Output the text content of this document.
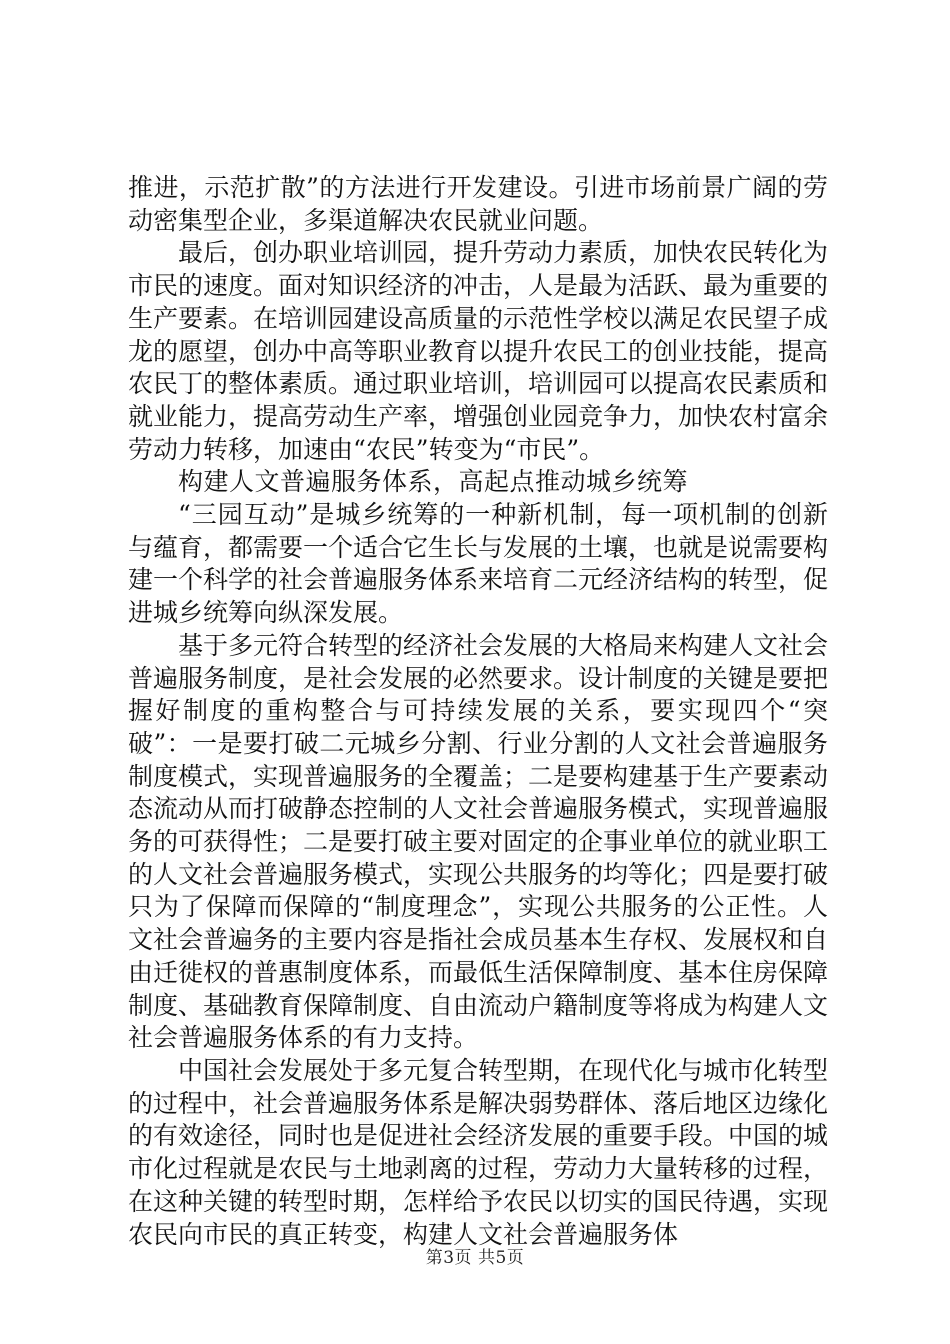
推进，示范扩散”的方法进行开发建设。引进市场前景广阔的劳动密集型企业，多渠道解决农民就业问题。

最后，创办职业培训园，提升劳动力素质，加快农民转化为市民的速度。面对知识经济的冲击，人是最为活跃、最为重要的生产要素。在培训园建设高质量的示范性学校以满足农民望子成龙的愿望，创办中高等职业教育以提升农民工的创业技能，提高农民丁的整体素质。通过职业培训，培训园可以提高农民素质和就业能力，提高劳动生产率，增强创业园竞争力，加快农村富余劳动力转移，加速由“农民”转变为“市民”。

构建人文普遍服务体系，高起点推动城乡统筹

“三园互动”是城乡统筹的一种新机制，每一项机制的创新与蕴育，都需要一个适合它生长与发展的土壤，也就是说需要构建一个科学的社会普遍服务体系来培育二元经济结构的转型，促进城乡统筹向纵深发展。

基于多元符合转型的经济社会发展的大格局来构建人文社会普遍服务制度，是社会发展的必然要求。设计制度的关键是要把握好制度的重构整合与可持续发展的关系，要实现四个“突破”：一是要打破二元城乡分割、行业分割的人文社会普遍服务制度模式，实现普遍服务的全覆盖；二是要构建基于生产要素动态流动从而打破静态控制的人文社会普遍服务模式，实现普遍服务的可获得性；二是要打破主要对固定的企事业单位的就业职工的人文社会普遍服务模式，实现公共服务的均等化；四是要打破只为了保障而保障的“制度理念”，实现公共服务的公正性。人文社会普遍务的主要内容是指社会成员基本生存权、发展权和自由迁徙权的普惠制度体系，而最低生活保障制度、基本住房保障制度、基础教育保障制度、自由流动户籍制度等将成为构建人文社会普遍服务体系的有力支持。

中国社会发展处于多元复合转型期，在现代化与城市化转型的过程中，社会普遍服务体系是解决弱势群体、落后地区边缘化的有效途径，同时也是促进社会经济发展的重要手段。中国的城市化过程就是农民与土地剥离的过程，劳动力大量转移的过程，在这种关键的转型时期，怎样给予农民以切实的国民待遇，实现农民向市民的真正转变，构建人文社会普遍服务体

第3页 共5页
